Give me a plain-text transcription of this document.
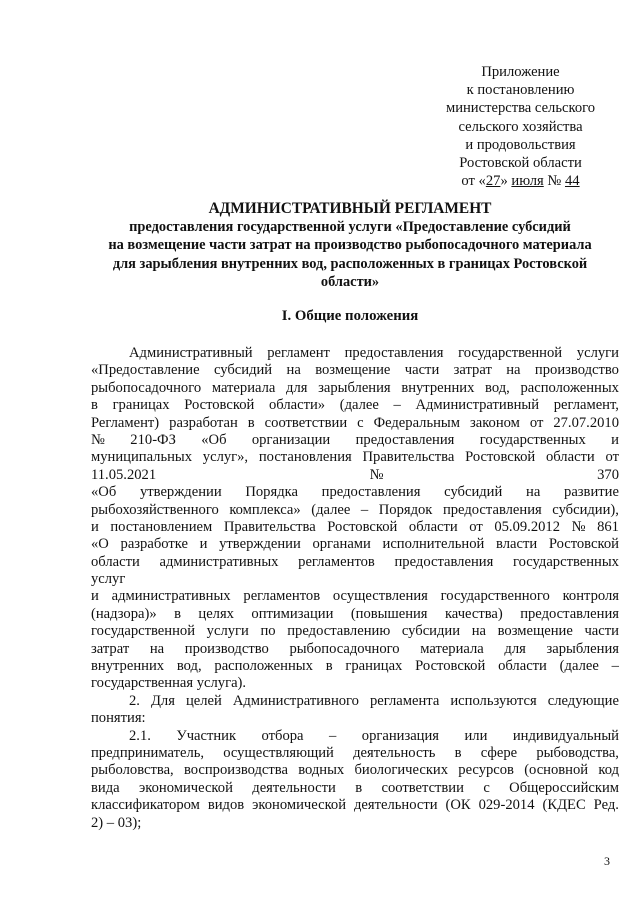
Приложение
к постановлению
министерства сельского
сельского хозяйства
и продовольствия
Ростовской области
от «27» июля № 44
АДМИНИСТРАТИВНЫЙ РЕГЛАМЕНТ
предоставления государственной услуги «Предоставление субсидий
на возмещение части затрат на производство рыбопосадочного материала
для зарыбления внутренних вод, расположенных в границах Ростовской
области»
I. Общие положения
Административный регламент предоставления государственной услуги
«Предоставление субсидий на возмещение части затрат на производство
рыбопосадочного материала для зарыбления внутренних вод, расположенных
в границах Ростовской области» (далее – Административный регламент,
Регламент) разработан в соответствии с Федеральным законом от 27.07.2010
№ 210-ФЗ «Об организации предоставления государственных и
муниципальных услуг», постановления Правительства Ростовской области от
11.05.2021	№	370
«Об утверждении Порядка предоставления субсидий на развитие
рыбохозяйственного комплекса» (далее – Порядок предоставления субсидии),
и постановлением Правительства Ростовской области от 05.09.2012 № 861
«О разработке и утверждении органами исполнительной власти Ростовской
области административных регламентов предоставления государственных
услуг
и административных регламентов осуществления государственного контроля
(надзора)» в целях оптимизации (повышения качества) предоставления
государственной услуги по предоставлению субсидии на возмещение части
затрат на производство рыбопосадочного материала для зарыбления
внутренних вод, расположенных в границах Ростовской области (далее –
государственная услуга).
2. Для целей Административного регламента используются следующие
понятия:
2.1. Участник отбора – организация или индивидуальный
предприниматель, осуществляющий деятельность в сфере рыбоводства,
рыболовства, воспроизводства водных биологических ресурсов (основной код
вида экономической деятельности в соответствии с Общероссийским
классификатором видов экономической деятельности (ОК 029-2014 (КДЕС Ред.
2) – 03);
3
